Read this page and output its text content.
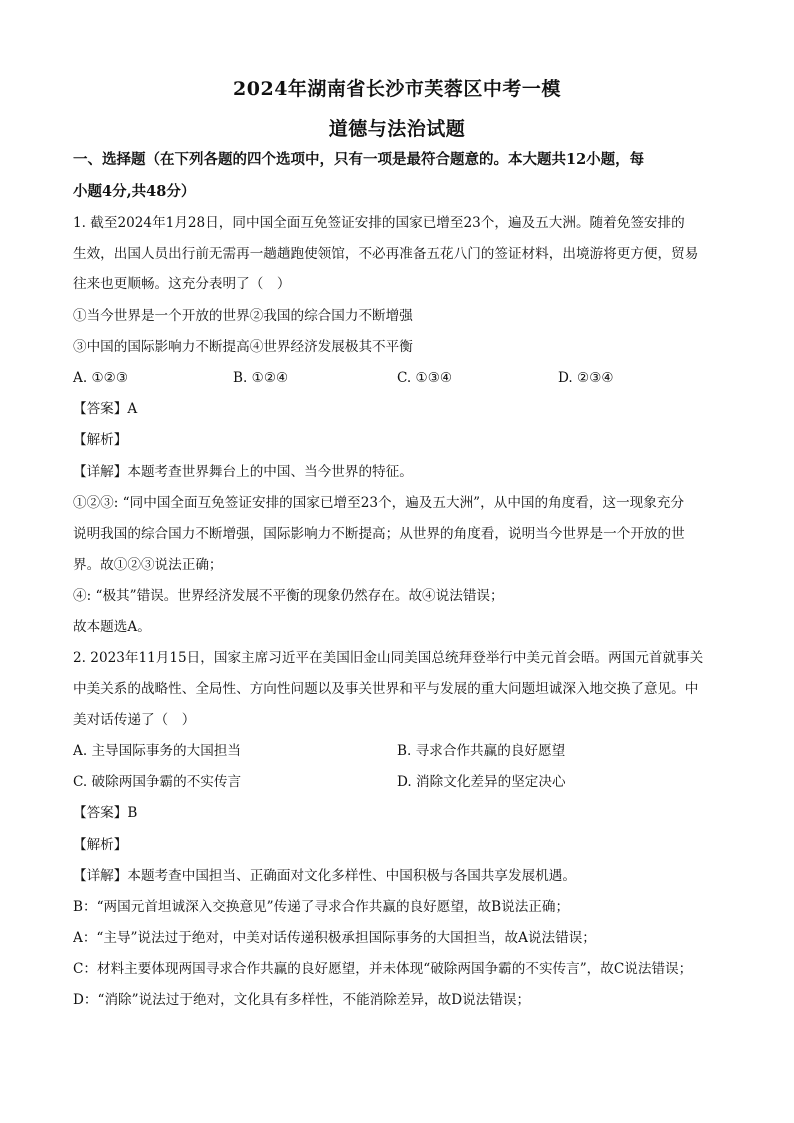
2024年湖南省长沙市芙蓉区中考一模
道德与法治试题
一、选择题（在下列各题的四个选项中，只有一项是最符合题意的。本大题共12小题，每
小题4分,共48分）
1. 截至2024年1月28日，同中国全面互免签证安排的国家已增至23个，遍及五大洲。随着免签安排的
生效，出国人员出行前无需再一趟趟跑使领馆，不必再准备五花八门的签证材料，出境游将更方便，贸易
往来也更顺畅。这充分表明了（　）
①当今世界是一个开放的世界②我国的综合国力不断增强
③中国的国际影响力不断提高④世界经济发展极其不平衡
A. ①②③	B. ①②④	C. ①③④	D. ②③④
【答案】A
【解析】
【详解】本题考查世界舞台上的中国、当今世界的特征。
①②③: “同中国全面互免签证安排的国家已增至23个，遍及五大洲”，从中国的角度看，这一现象充分
说明我国的综合国力不断增强，国际影响力不断提高；从世界的角度看，说明当今世界是一个开放的世
界。故①②③说法正确；
④: “极其”错误。世界经济发展不平衡的现象仍然存在。故④说法错误；
故本题选A。
2. 2023年11月15日，国家主席习近平在美国旧金山同美国总统拜登举行中美元首会晤。两国元首就事关
中美关系的战略性、全局性、方向性问题以及事关世界和平与发展的重大问题坦诚深入地交换了意见。中
美对话传递了（　）
A. 主导国际事务的大国担当	B. 寻求合作共赢的良好愿望
C. 破除两国争霸的不实传言	D. 消除文化差异的坚定决心
【答案】B
【解析】
【详解】本题考查中国担当、正确面对文化多样性、中国积极与各国共享发展机遇。
B：“两国元首坦诚深入交换意见”传递了寻求合作共赢的良好愿望，故B说法正确；
A：“主导”说法过于绝对，中美对话传递积极承担国际事务的大国担当，故A说法错误；
C：材料主要体现两国寻求合作共赢的良好愿望，并未体现“破除两国争霸的不实传言”，故C说法错误；
D：“消除”说法过于绝对，文化具有多样性，不能消除差异，故D说法错误；
